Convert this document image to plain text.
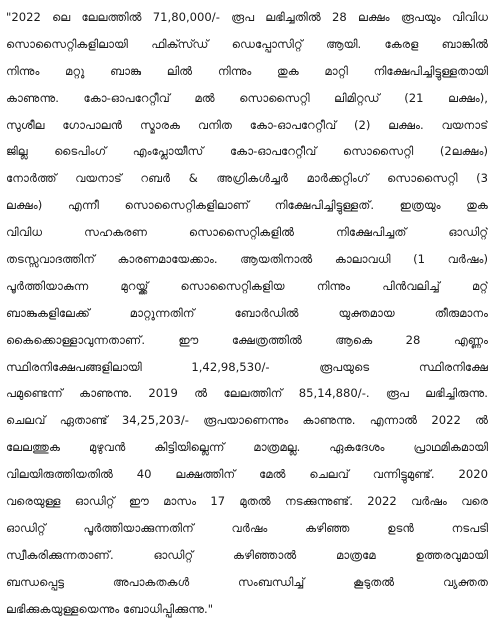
"2022 ലെ ലേലത്തിൽ 71,80,000/- രൂപ ലഭിച്ചതിൽ 28 ലക്ഷം രൂപയും വിവിധ
സൊസൈറ്റികളിലായി ഫിക്സ്ഡ് ഡെപ്പോസിറ്റ് ആയി. കേരള ബാങ്കിൽ
നിന്നും മറ്റു ബാങ്കു ലിൽ നിന്നും തുക മാറ്റി നിക്ഷേപിച്ചിട്ടുള്ളതായി
കാണുന്നു. കോ-ഓപറേറ്റീവ് മൽ സൊസൈറ്റി ലിമിറ്റഡ് (21 ലക്ഷം),
സുശീല ഗോപാലൻ സ്മാരക വനിത കോ-ഓപറേറ്റീവ് (2) ലക്ഷം. വയനാട്
ജില്ല ടൈപിംഗ് എംപ്ലോയീസ് കോ-ഓപറേറ്റീവ് സൊസൈറ്റി (2ലക്ഷം)
നോർത്ത് വയനാട് റബർ & അഗ്രികൾച്ചർ മാർക്കറ്റിംഗ് സൊസൈറ്റി (3
ലക്ഷം) എന്നീ സൊസൈറ്റികളിലാണ് നിക്ഷേപിച്ചിട്ടുള്ളത്. ഇത്രയും തുക
വിവിധ സഹകരണ സൊസൈറ്റികളിൽ നിക്ഷേപിച്ചത് ഓഡിറ്റ്
തടസ്സവാദത്തിന് കാരണമായേക്കാം. ആയതിനാൽ കാലാവധി (1 വർഷം)
പൂർത്തിയാകുന്ന മുറയ്ക്ക് സൊസൈറ്റികളിയ നിന്നും പിൻവലിച്ച് മറ്റ്
ബാങ്കുകളിലേക്ക് മാറ്റുന്നതിന് ബോർഡിൽ യുക്തമായ തീരുമാനം
കൈക്കൊള്ളാവുന്നതാണ്. ഈ ക്ഷേത്രത്തിൽ ആകെ 28 എണ്ണം
സ്ഥിരനിക്ഷേപങ്ങളിലായി 1,42,98,530/- രൂപയുടെ സ്ഥിരനിക്ഷേ
പമുണ്ടെന്ന് കാണുന്നു. 2019 ൽ ലേലത്തിന് 85,14,880/-. രൂപ ലഭിച്ചിരുന്നു.
ചെലവ് ഏതാണ്ട് 34,25,203/- രൂപയാണെന്നും കാണുന്നു. എന്നാൽ 2022 ൽ
ലേലത്തുക മുഴുവൻ കിട്ടിയില്ലെന്ന് മാത്രമല്ല. ഏകദേശം പ്രാഥമികമായി
വിലയിരുത്തിയതിൽ 40 ലക്ഷത്തിന് മേൽ ചെലവ് വന്നിട്ടുമുണ്ട്. 2020
വരെയുള്ള ഓഡിറ്റ് ഈ മാസം 17 മുതൽ നടക്കുന്നുണ്ട്. 2022 വർഷം വരെ
ഓഡിറ്റ് പൂർത്തിയാക്കുന്നതിന് വർഷം കഴിഞ്ഞ ഉടൻ നടപടി
സ്വീകരിക്കുന്നതാണ്. ഓഡിറ്റ് കഴിഞ്ഞാൽ മാത്രമേ ഉത്തരവുമായി
ബന്ധപ്പെട്ട അപാകതകൾ സംബന്ധിച്ച് കൂടുതൽ വ്യക്തത
ലഭിക്കുകയുള്ളയെന്നും ബോധിപ്പിക്കുന്നു."
